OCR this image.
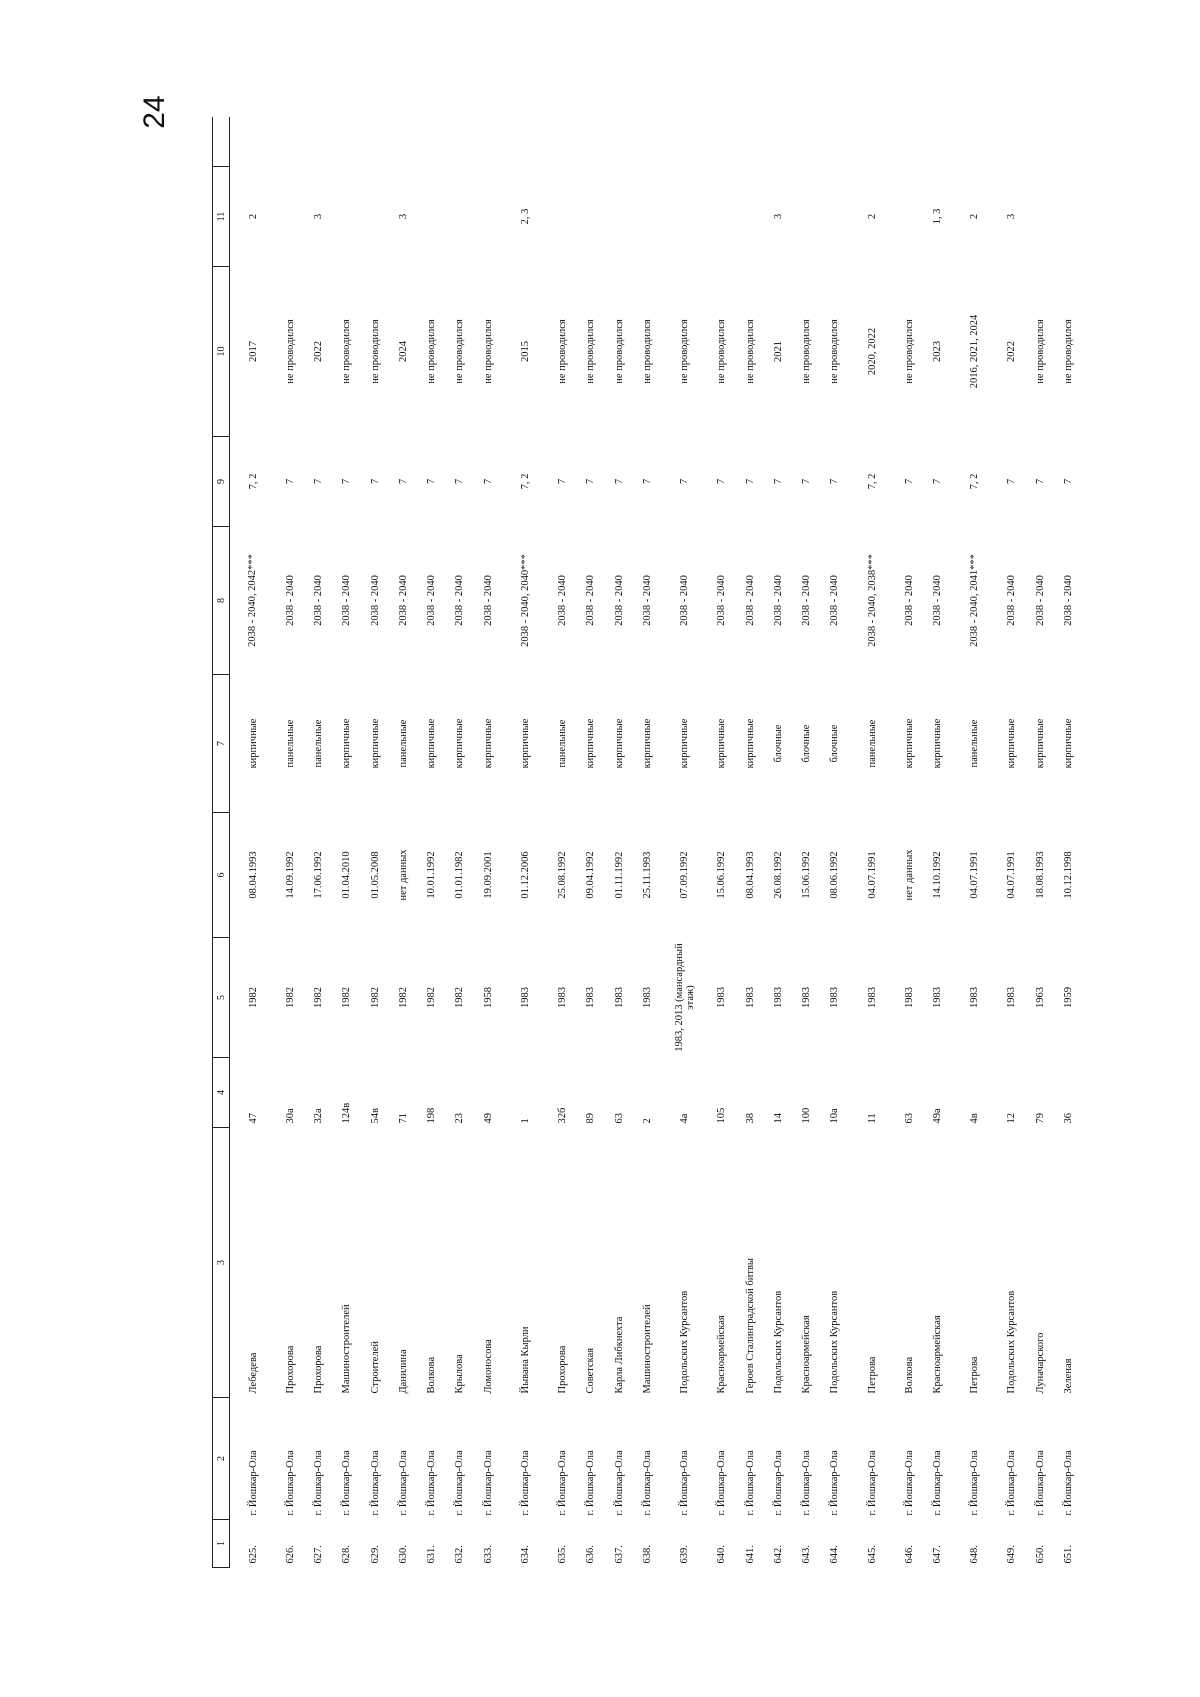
24
1	2	3	4	5	6	7	8	9	10	11	
625.	г. Йошкар-Ола	Лебедева	47	1982	08.04.1993	кирпичные	2038 - 2040, 2042***	7, 2	2017	2	
626.	г. Йошкар-Ола	Прохорова	30а	1982	14.09.1992	панельные	2038 - 2040	7	не проводился		
627.	г. Йошкар-Ола	Прохорова	32а	1982	17.06.1992	панельные	2038 - 2040	7	2022	3	
628.	г. Йошкар-Ола	Машиностроителей	124в	1982	01.04.2010	кирпичные	2038 - 2040	7	не проводился		
629.	г. Йошкар-Ола	Строителей	54в	1982	01.05.2008	кирпичные	2038 - 2040	7	не проводился		
630.	г. Йошкар-Ола	Данилина	71	1982	нет данных	панельные	2038 - 2040	7	2024	3	
631.	г. Йошкар-Ола	Волкова	198	1982	10.01.1992	кирпичные	2038 - 2040	7	не проводился		
632.	г. Йошкар-Ола	Крылова	23	1982	01.01.1982	кирпичные	2038 - 2040	7	не проводился		
633.	г. Йошкар-Ола	Ломоносова	49	1958	19.09.2001	кирпичные	2038 - 2040	7	не проводился		
634.	г. Йошкар-Ола	Йывана Кырли	1	1983	01.12.2006	кирпичные	2038 - 2040, 2040***	7, 2	2015	2, 3	
635.	г. Йошкар-Ола	Прохорова	32б	1983	25.08.1992	панельные	2038 - 2040	7	не проводился		
636.	г. Йошкар-Ола	Советская	89	1983	09.04.1992	кирпичные	2038 - 2040	7	не проводился		
637.	г. Йошкар-Ола	Карла Либкнехта	63	1983	01.11.1992	кирпичные	2038 - 2040	7	не проводился		
638.	г. Йошкар-Ола	Машиностроителей	2	1983	25.11.1993	кирпичные	2038 - 2040	7	не проводился		
639.	г. Йошкар-Ола	Подольских Курсантов	4а	1983, 2013 (мансардный этаж)	07.09.1992	кирпичные	2038 - 2040	7	не проводился		
640.	г. Йошкар-Ола	Красноармейская	105	1983	15.06.1992	кирпичные	2038 - 2040	7	не проводился		
641.	г. Йошкар-Ола	Героев Сталинградской битвы	38	1983	08.04.1993	кирпичные	2038 - 2040	7	не проводился		
642.	г. Йошкар-Ола	Подольских Курсантов	14	1983	26.08.1992	блочные	2038 - 2040	7	2021	3	
643.	г. Йошкар-Ола	Красноармейская	100	1983	15.06.1992	блочные	2038 - 2040	7	не проводился		
644.	г. Йошкар-Ола	Подольских Курсантов	10а	1983	08.06.1992	блочные	2038 - 2040	7	не проводился		
645.	г. Йошкар-Ола	Петрова	11	1983	04.07.1991	панельные	2038 - 2040, 2038***	7, 2	2020, 2022	2	
646.	г. Йошкар-Ола	Волкова	63	1983	нет данных	кирпичные	2038 - 2040	7	не проводился		
647.	г. Йошкар-Ола	Красноармейская	49а	1983	14.10.1992	кирпичные	2038 - 2040	7	2023	1, 3	
648.	г. Йошкар-Ола	Петрова	4в	1983	04.07.1991	панельные	2038 - 2040, 2041***	7, 2	2016, 2021, 2024	2	
649.	г. Йошкар-Ола	Подольских Курсантов	12	1983	04.07.1991	кирпичные	2038 - 2040	7	2022	3	
650.	г. Йошкар-Ола	Луначарского	79	1963	18.08.1993	кирпичные	2038 - 2040	7	не проводился		
651.	г. Йошкар-Ола	Зеленая	36	1959	10.12.1998	кирпичные	2038 - 2040	7	не проводился		
